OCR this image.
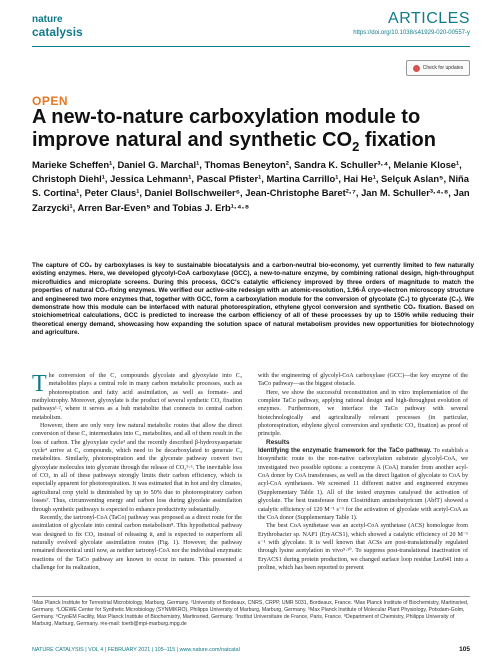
nature
catalysis
ARTICLES
https://doi.org/10.1038/s41929-020-00557-y
Check for updates
OPEN
A new-to-nature carboxylation module to improve natural and synthetic $CO_2$ fixation
Marieke Scheffen¹, Daniel G. Marchal¹, Thomas Beneyton², Sandra K. Schuller³·⁴, Melanie Klose¹, Christoph Diehl¹, Jessica Lehmann¹, Pascal Pfister¹, Martina Carrillo¹, Hai He¹, Selçuk Aslan⁵, Niña S. Cortina¹, Peter Claus¹, Daniel Bollschweiler⁶, Jean-Christophe Baret²·⁷, Jan M. Schuller³·⁴·⁸, Jan Zarzycki¹, Arren Bar-Even⁵ and Tobias J. Erb¹·⁴·⁸
The capture of CO₂ by carboxylases is key to sustainable biocatalysis and a carbon-neutral bio-economy, yet currently limited to few naturally existing enzymes. Here, we developed glycolyl-CoA carboxylase (GCC), a new-to-nature enzyme, by combining rational design, high-throughput microfluidics and microplate screens. During this process, GCC's catalytic efficiency improved by three orders of magnitude to match the properties of natural CO₂-fixing enzymes. We verified our active-site redesign with an atomic-resolution, 1.96-Å cryo-electron microscopy structure and engineered two more enzymes that, together with GCC, form a carboxylation module for the conversion of glycolate (C₂) to glycerate (C₃). We demonstrate how this module can be interfaced with natural photorespiration, ethylene glycol conversion and synthetic CO₂ fixation. Based on stoichiometrical calculations, GCC is predicted to increase the carbon efficiency of all of these processes by up to 150% while reducing their theoretical energy demand, showcasing how expanding the solution space of natural metabolism provides new opportunities for biotechnology and agriculture.

The conversion of the C₁ compounds glycolate and glyoxylate into C₃ metabolites plays a central role in many carbon metabolic processes, such as photorespiration and fatty acid assimilation, as well as formate- and methylotrophy. Moreover, glyoxylate is the product of several synthetic CO₂ fixation pathways¹·², where it serves as a hub metabolite that connects to central carbon metabolism.

However, there are only very few natural metabolic routes that allow the direct conversion of these C₂ intermediates into C₃ metabolites, and all of them result in the loss of carbon. The glyoxylate cycle³ and the recently described β-hydroxyaspartate cycle⁴ arrive at C₄ compounds, which need to be decarboxylated to generate C₃ metabolites. Similarly, photorespiration and the glycerate pathway convert two glyoxylate molecules into glycerate through the release of CO₂⁵·⁶. The inevitable loss of CO₂ in all of these pathways strongly limits their carbon efficiency, which is especially apparent for photorespiration. It was estimated that in hot and dry climates, agricultural crop yield is diminished by up to 50% due to photorespiratory carbon losses⁷. Thus, circumventing energy and carbon loss during glycolate assimilation through synthetic pathways is expected to enhance productivity substantially.

Recently, the tartronyl-CoA (TaCo) pathway was proposed as a direct route for the assimilation of glycolate into central carbon metabolism⁸. This hypothetical pathway was designed to fix CO₂ instead of releasing it, and is expected to outperform all naturally evolved glycolate assimilation routes (Fig. 1). However, the pathway remained theoretical until now, as neither tartronyl-CoA nor the individual enzymatic reactions of the TaCo pathway are known to occur in nature. This presented a challenge for its realization,

with the engineering of glycolyl-CoA carboxylase (GCC)—the key enzyme of the TaCo pathway—as the biggest obstacle.

Here, we show the successful reconstitution and in vitro implementation of the complete TaCo pathway, applying rational design and high-throughput evolution of enzymes. Furthermore, we interface the TaCo pathway with several biotechnologically and agriculturally relevant processes (in particular, photorespiration, ethylene glycol conversion and synthetic CO₂ fixation) as proof of principle.

Results

Identifying the enzymatic framework for the TaCo pathway. To establish a biosynthetic route to the non-native carboxylation substrate glycolyl-CoA, we investigated two possible options: a coenzyme A (CoA) transfer from another acyl-CoA donor by CoA transferases, as well as the direct ligation of glycolate to CoA by acyl-CoA synthetases. We screened 11 different native and engineered enzymes (Supplementary Table 1). All of the tested enzymes catalysed the activation of glycolate. The best transferase from Clostridium aminobutyricum (AbfT) showed a catalytic efficiency of 120 M⁻¹ s⁻¹ for the activation of glycolate with acetyl-CoA as the CoA donor (Supplementary Table 1).

The best CoA synthetase was an acetyl-CoA synthetase (ACS) homologue from Erythrobacter sp. NAP1 (EryACS1), which showed a catalytic efficiency of 20 M⁻¹ s⁻¹ with glycolate. It is well known that ACSs are post-translationally regulated through lysine acetylation in vivo⁹·¹⁰. To suppress post-translational inactivation of EryACS1 during protein production, we changed surface loop residue Leu641 into a proline, which has been reported to prevent

¹Max Planck Institute for Terrestrial Microbiology, Marburg, Germany. ²University of Bordeaux, CNRS, CRPP, UMR 5031, Bordeaux, France. ³Max Planck Institute of Biochemistry, Martinsried, Germany. ⁴LOEWE Center for Synthetic Microbiology (SYNMIKRO), Philipps University of Marburg, Marburg, Germany. ⁵Max Planck Institute of Molecular Plant Physiology, Potsdam-Golm, Germany. ⁶CryoEM Facility, Max Planck Institute of Biochemistry, Martinsried, Germany. ⁷Institut Universitaire de France, Paris, France. ⁸Department of Chemistry, Philipps University of Marburg, Marburg, Germany. ✉e-mail: toerb@mpi-marburg.mpg.de
NATURE CATALYSIS | VOL 4 | FEBRUARY 2021 | 105–115 | www.nature.com/natcatal	105
